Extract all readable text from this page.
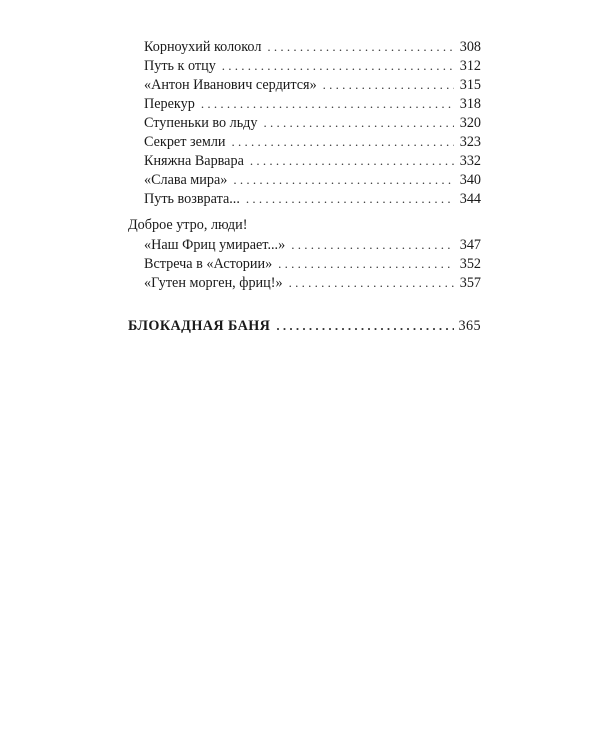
Корноухий колокол . . .	308
Путь к отцу . . .	312
«Антон Иванович сердится» . . .	315
Перекур . . .	318
Ступеньки во льду . . .	320
Секрет земли . . .	323
Княжна Варвара . . .	332
«Слава мира» . . .	340
Путь возврата... . . .	344
Доброе утро, люди!
«Наш Фриц умирает...» . . .	347
Встреча в «Астории» . . .	352
«Гутен морген, фриц!» . . .	357
БЛОКАДНАЯ БАНЯ . . .	365
